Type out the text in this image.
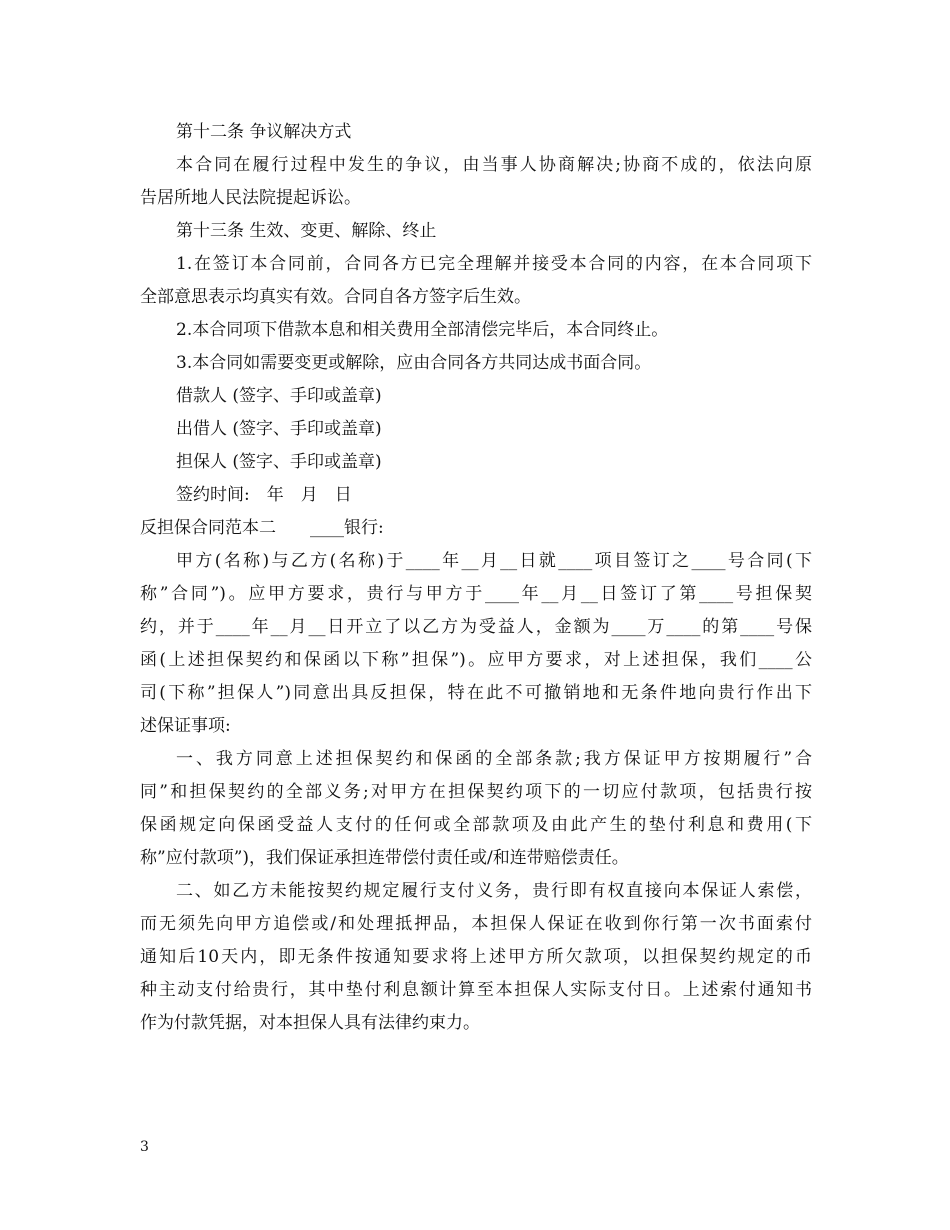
第十二条 争议解决方式
本合同在履行过程中发生的争议，由当事人协商解决;协商不成的，依法向原
告居所地人民法院提起诉讼。
第十三条 生效、变更、解除、终止
1.在签订本合同前，合同各方已完全理解并接受本合同的内容，在本合同项下
全部意思表示均真实有效。合同自各方签字后生效。
2.本合同项下借款本息和相关费用全部清偿完毕后，本合同终止。
3.本合同如需要变更或解除，应由合同各方共同达成书面合同。
借款人 (签字、手印或盖章)
出借人 (签字、手印或盖章)
担保人 (签字、手印或盖章)
签约时间:　年　月　日
反担保合同范本二　　____银行:
甲方(名称)与乙方(名称)于____年__月__日就____项目签订之____号合同(下
称”合同”)。应甲方要求，贵行与甲方于____年__月__日签订了第____号担保契
约，并于____年__月__日开立了以乙方为受益人，金额为____万____的第____号保
函(上述担保契约和保函以下称”担保”)。应甲方要求，对上述担保，我们____公
司(下称”担保人”)同意出具反担保，特在此不可撤销地和无条件地向贵行作出下
述保证事项:
一、我方同意上述担保契约和保函的全部条款;我方保证甲方按期履行”合
同”和担保契约的全部义务;对甲方在担保契约项下的一切应付款项，包括贵行按
保函规定向保函受益人支付的任何或全部款项及由此产生的垫付利息和费用(下
称”应付款项”)，我们保证承担连带偿付责任或/和连带赔偿责任。
二、如乙方未能按契约规定履行支付义务，贵行即有权直接向本保证人索偿，
而无须先向甲方追偿或/和处理抵押品，本担保人保证在收到你行第一次书面索付
通知后10天内，即无条件按通知要求将上述甲方所欠款项，以担保契约规定的币
种主动支付给贵行，其中垫付利息额计算至本担保人实际支付日。上述索付通知书
作为付款凭据，对本担保人具有法律约束力。
3
